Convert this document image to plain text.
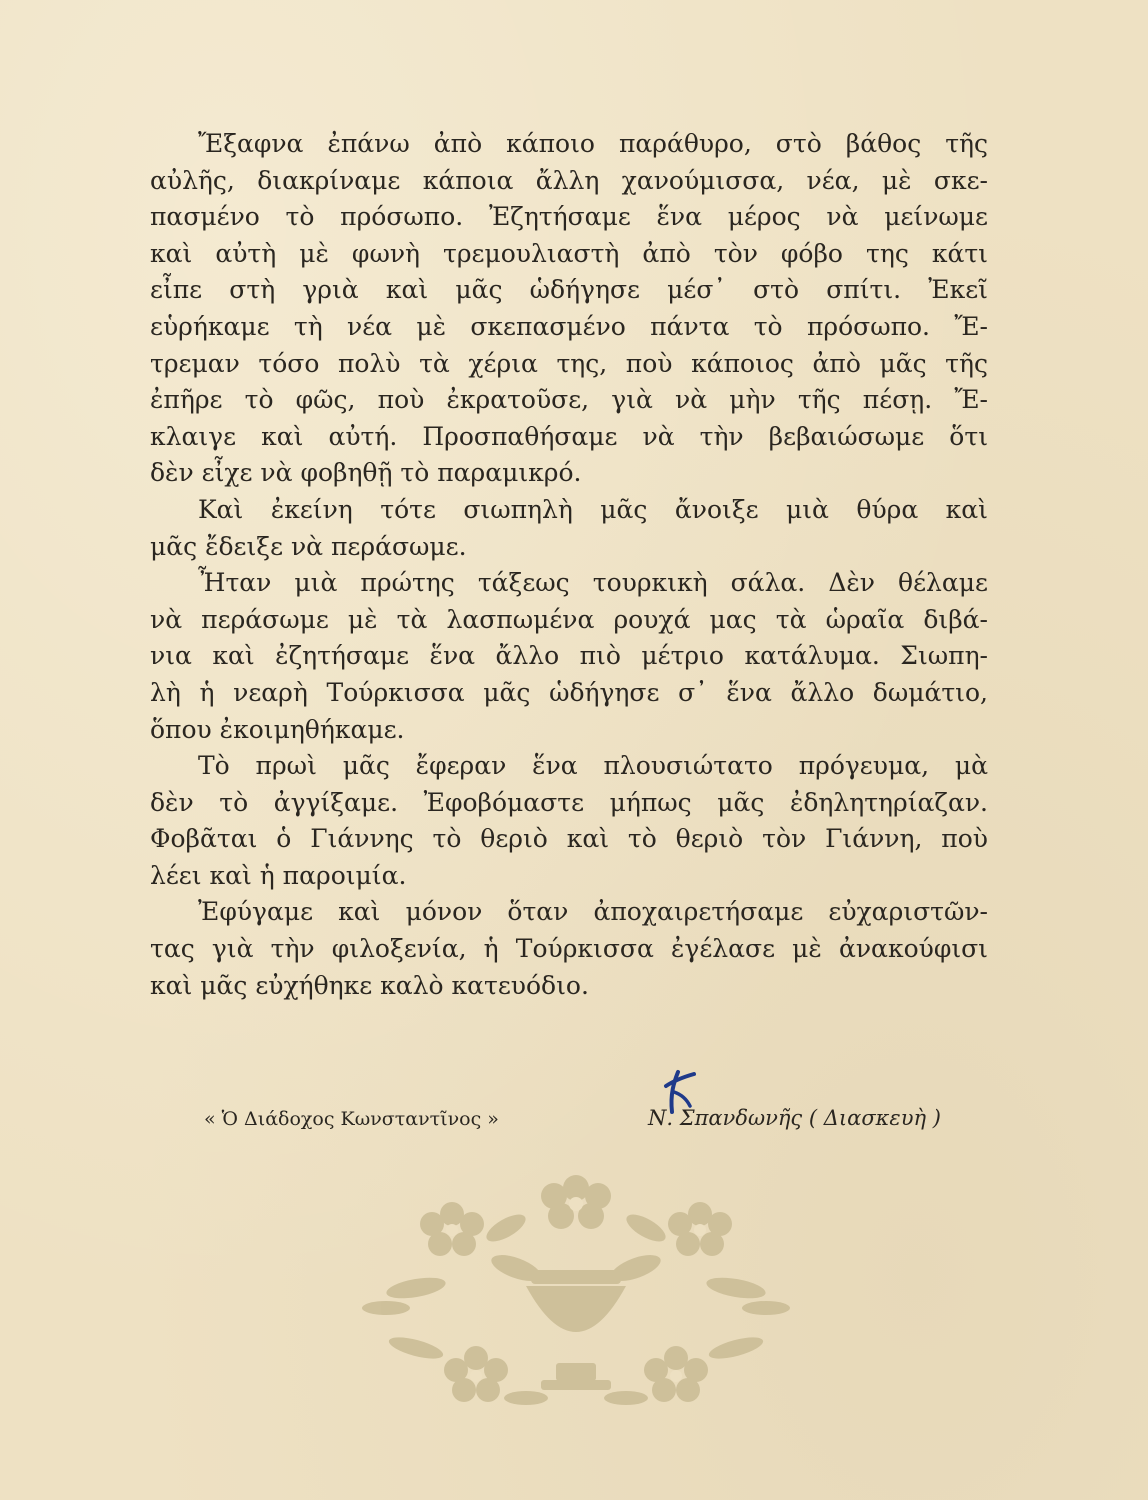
Ἔξαφνα ἐπάνω ἀπὸ κάποιο παράθυρο, στὸ βάθος τῆς
αὐλῆς, διακρίναμε κάποια ἄλλη χανούμισσα, νέα, μὲ σκε-
πασμένο τὸ πρόσωπο. Ἐζητήσαμε ἕνα μέρος νὰ μείνωμε
καὶ αὐτὴ μὲ φωνὴ τρεμουλιαστὴ ἀπὸ τὸν φόβο της κάτι
εἶπε στὴ γριὰ καὶ μᾶς ὡδήγησε μέσ᾽ στὸ σπίτι. Ἐκεῖ
εὑρήκαμε τὴ νέα μὲ σκεπασμένο πάντα τὸ πρόσωπο. Ἔ-
τρεμαν τόσο πολὺ τὰ χέρια της, ποὺ κάποιος ἀπὸ μᾶς τῆς
ἐπῆρε τὸ φῶς, ποὺ ἐκρατοῦσε, γιὰ νὰ μὴν τῆς πέσῃ. Ἔ-
κλαιγε καὶ αὐτή. Προσπαθήσαμε νὰ τὴν βεβαιώσωμε ὅτι
δὲν εἶχε νὰ φοβηθῇ τὸ παραμικρό.
Καὶ ἐκείνη τότε σιωπηλὴ μᾶς ἄνοιξε μιὰ θύρα καὶ
μᾶς ἔδειξε νὰ περάσωμε.
Ἦταν μιὰ πρώτης τάξεως τουρκικὴ σάλα. Δὲν θέλαμε
νὰ περάσωμε μὲ τὰ λασπωμένα ρουχά μας τὰ ὡραῖα διβά-
νια καὶ ἐζητήσαμε ἕνα ἄλλο πιὸ μέτριο κατάλυμα. Σιωπη-
λὴ ἡ νεαρὴ Τούρκισσα μᾶς ὡδήγησε σ᾽ ἕνα ἄλλο δωμάτιο,
ὅπου ἐκοιμηθήκαμε.
Τὸ πρωὶ μᾶς ἔφεραν ἕνα πλουσιώτατο πρόγευμα, μὰ
δὲν τὸ ἀγγίξαμε. Ἐφοβόμαστε μήπως μᾶς ἐδηλητηρίαζαν.
Φοβᾶται ὁ Γιάννης τὸ θεριὸ καὶ τὸ θεριὸ τὸν Γιάννη, ποὺ
λέει καὶ ἡ παροιμία.
Ἐφύγαμε καὶ μόνον ὅταν ἀποχαιρετήσαμε εὐχαριστῶν-
τας γιὰ τὴν φιλοξενία, ἡ Τούρκισσα ἐγέλασε μὲ ἀνακούφισι
καὶ μᾶς εὐχήθηκε καλὸ κατευόδιο.
« Ὁ Διάδοχος Κωνσταντῖνος »	Ν. Σπανδωνῆς ( Διασκευὴ )
